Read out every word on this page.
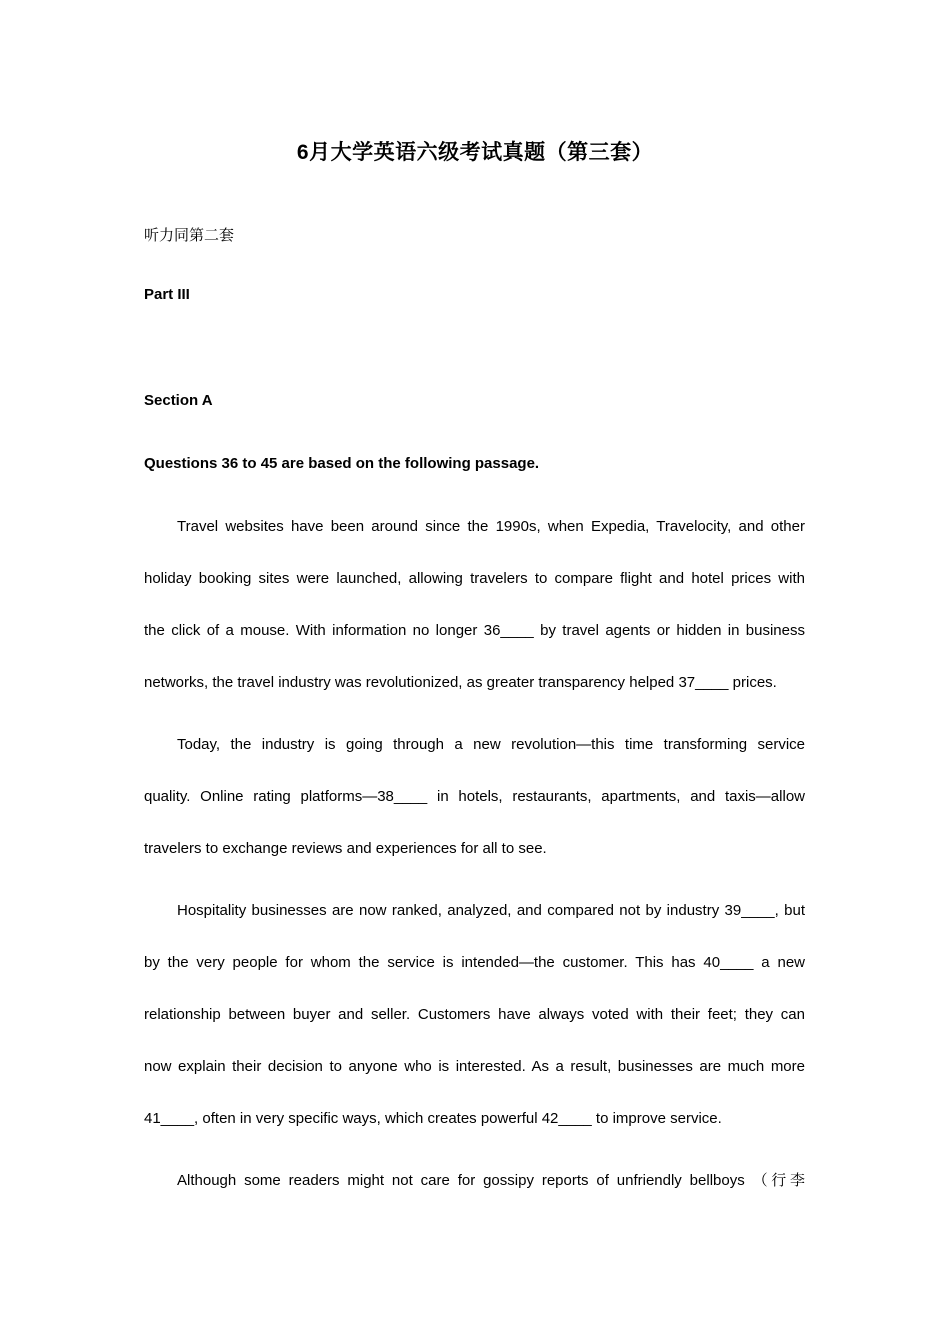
6月大学英语六级考试真题（第三套）
听力同第二套
Part III
Section A
Questions 36 to 45 are based on the following passage.
Travel websites have been around since the 1990s, when Expedia, Travelocity, and other
holiday booking sites were launched, allowing travelers to compare flight and hotel prices with
the click of a mouse. With information no longer 36____ by travel agents or hidden in business
networks, the travel industry was revolutionized, as greater transparency helped 37____ prices.
Today, the industry is going through a new revolution—this time transforming service
quality. Online rating platforms—38____ in hotels, restaurants, apartments, and taxis—allow
travelers to exchange reviews and experiences for all to see.
Hospitality businesses are now ranked, analyzed, and compared not by industry 39____, but
by the very people for whom the service is intended—the customer. This has 40____ a new
relationship between buyer and seller. Customers have always voted with their feet; they can
now explain their decision to anyone who is interested. As a result, businesses are much more
41____, often in very specific ways, which creates powerful 42____ to improve service.
Although some readers might not care for gossipy reports of unfriendly bellboys （行李
